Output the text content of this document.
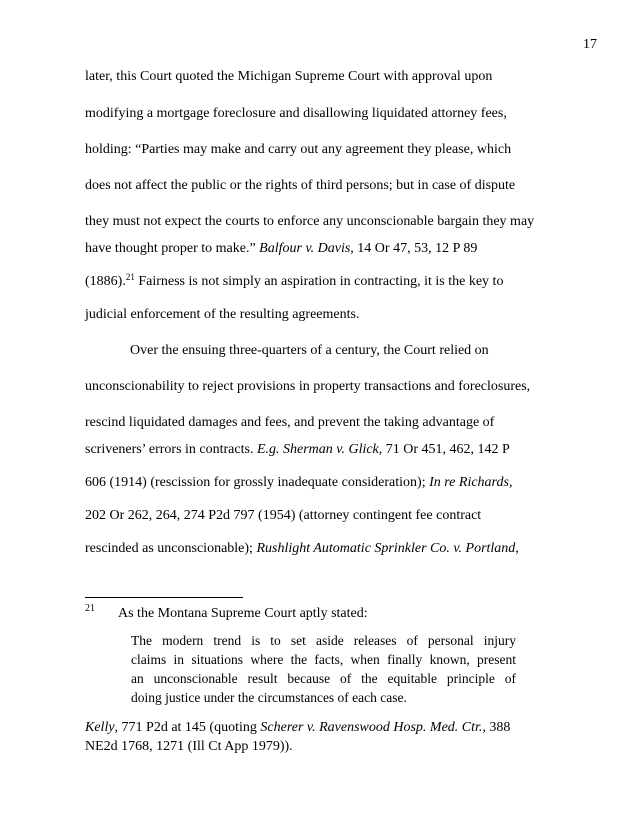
17
later, this Court quoted the Michigan Supreme Court with approval upon
modifying a mortgage foreclosure and disallowing liquidated attorney fees,
holding: “Parties may make and carry out any agreement they please, which
does not affect the public or the rights of third persons; but in case of dispute
they must not expect the courts to enforce any unconscionable bargain they may
have thought proper to make.” Balfour v. Davis, 14 Or 47, 53, 12 P 89
(1886).$^{21}$ Fairness is not simply an aspiration in contracting, it is the key to
judicial enforcement of the resulting agreements.
Over the ensuing three-quarters of a century, the Court relied on
unconscionability to reject provisions in property transactions and foreclosures,
rescind liquidated damages and fees, and prevent the taking advantage of
scriveners’ errors in contracts. E.g. Sherman v. Glick, 71 Or 451, 462, 142 P
606 (1914) (rescission for grossly inadequate consideration); In re Richards,
202 Or 262, 264, 274 P2d 797 (1954) (attorney contingent fee contract
rescinded as unconscionable); Rushlight Automatic Sprinkler Co. v. Portland,
21 As the Montana Supreme Court aptly stated:
The modern trend is to set aside releases of personal injury
claims in situations where the facts, when finally known, present
an unconscionable result because of the equitable principle of
doing justice under the circumstances of each case.
Kelly, 771 P2d at 145 (quoting Scherer v. Ravenswood Hosp. Med. Ctr., 388
NE2d 1768, 1271 (Ill Ct App 1979)).
